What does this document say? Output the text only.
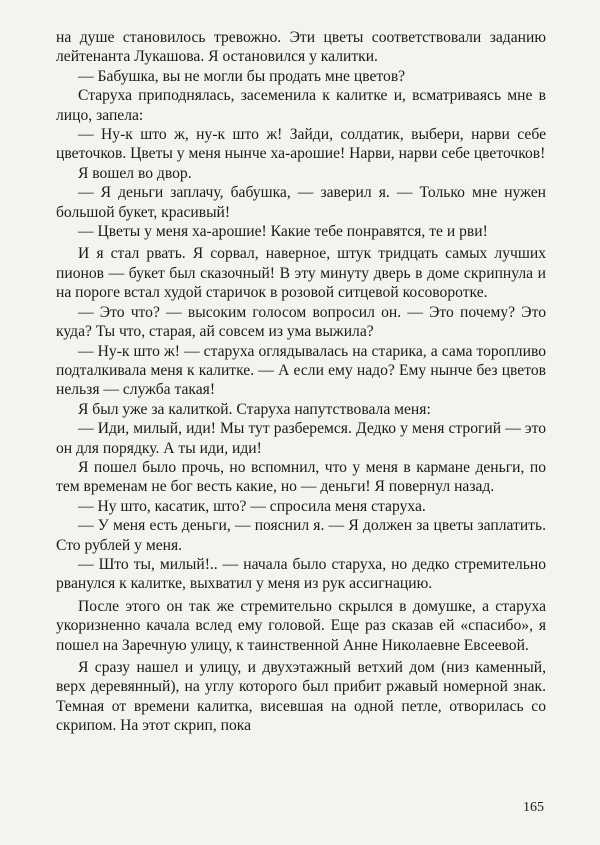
на душе становилось тревожно. Эти цветы соответствовали заданию лейтенанта Лукашова. Я остановился у калитки.

— Бабушка, вы не могли бы продать мне цветов?

Старуха приподнялась, засеменила к калитке и, всматриваясь мне в лицо, запела:

— Ну-к што ж, ну-к што ж! Зайди, солдатик, выбери, нарви себе цветочков. Цветы у меня нынче ха-арошие! Нарви, нарви себе цветочков!

Я вошел во двор.

— Я деньги заплачу, бабушка, — заверил я. — Только мне нужен большой букет, красивый!

— Цветы у меня ха-арошие! Какие тебе понравятся, те и рви!

И я стал рвать. Я сорвал, наверное, штук тридцать самых лучших пионов — букет был сказочный! В эту минуту дверь в доме скрипнула и на пороге встал худой старичок в розовой ситцевой косоворотке.

— Это что? — высоким голосом вопросил он. — Это почему? Это куда? Ты что, старая, ай совсем из ума выжила?

— Ну-к што ж! — старуха оглядывалась на старика, а сама торопливо подталкивала меня к калитке. — А если ему надо? Ему нынче без цветов нельзя — служба такая!

Я был уже за калиткой. Старуха напутствовала меня:

— Иди, милый, иди! Мы тут разберемся. Дедко у меня строгий — это он для порядку. А ты иди, иди!

Я пошел было прочь, но вспомнил, что у меня в кармане деньги, по тем временам не бог весть какие, но — деньги! Я повернул назад.

— Ну што, касатик, што? — спросила меня старуха.

— У меня есть деньги, — пояснил я. — Я должен за цветы заплатить. Сто рублей у меня.

— Што ты, милый!.. — начала было старуха, но дедко стремительно рванулся к калитке, выхватил у меня из рук ассигнацию.

После этого он так же стремительно скрылся в домушке, а старуха укоризненно качала вслед ему головой. Еще раз сказав ей «спасибо», я пошел на Заречную улицу, к таинственной Анне Николаевне Евсеевой.

Я сразу нашел и улицу, и двухэтажный ветхий дом (низ каменный, верх деревянный), на углу которого был прибит ржавый номерной знак. Темная от времени калитка, висевшая на одной петле, отворилась со скрипом. На этот скрип, пока

165
